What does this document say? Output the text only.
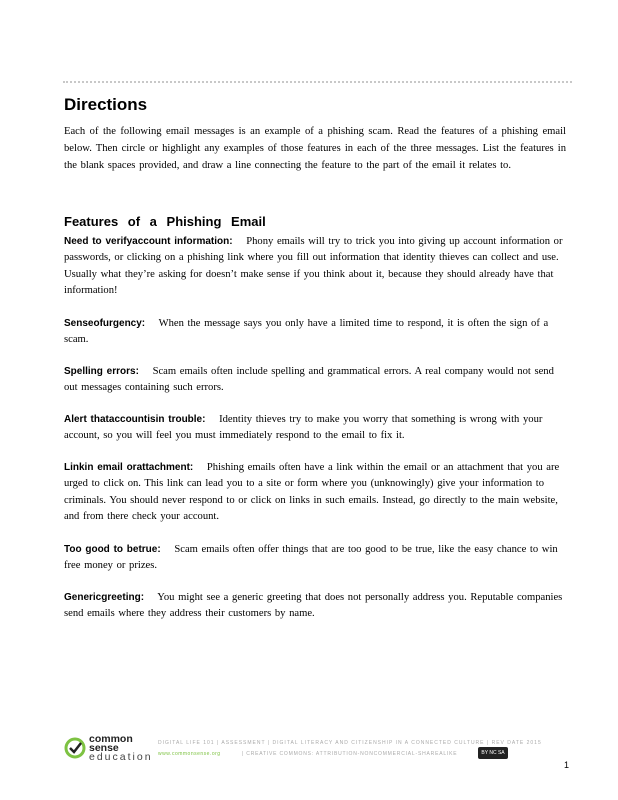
Directions

Each of the following email messages is an example of a phishing scam. Read the features of a phishing email below. Then circle or highlight any examples of those features in each of the three messages. List the features in the blank spaces provided, and draw a line connecting the feature to the part of the email it relates to.

Features of a Phishing Email

Need to verifyaccount information: Phony emails will try to trick you into giving up account information or passwords, or clicking on a phishing link where you fill out information that identity thieves can collect and use. Usually what they’re asking for doesn’t make sense if you think about it, because they should already have that information!

Senseofurgency: When the message says you only have a limited time to respond, it is often the sign of a scam.

Spelling errors: Scam emails often include spelling and grammatical errors. A real company would not send out messages containing such errors.

Alert thataccountisin trouble: Identity thieves try to make you worry that something is wrong with your account, so you will feel you must immediately respond to the email to fix it.

Linkin email orattachment: Phishing emails often have a link within the email or an attachment that you are urged to click on. This link can lead you to a site or form where you (unknowingly) give your information to criminals. You should never respond to or click on links in such emails. Instead, go directly to the main website, and from there check your account.

Too good to betrue: Scam emails often offer things that are too good to be true, like the easy chance to win free money or prizes.

Genericgreeting: You might see a generic greeting that does not personally address you. Reputable companies send emails where they address their customers by name.

common
sense
education
DIGITAL LIFE 101 | ASSESSMENT | DIGITAL LITERACY AND CITIZENSHIP IN A CONNECTED CULTURE | REV DATE 2015
www.commonsense.org	| CREATIVE COMMONS: ATTRIBUTION-NONCOMMERCIAL-SHAREALIKE	BY NC SA
1
